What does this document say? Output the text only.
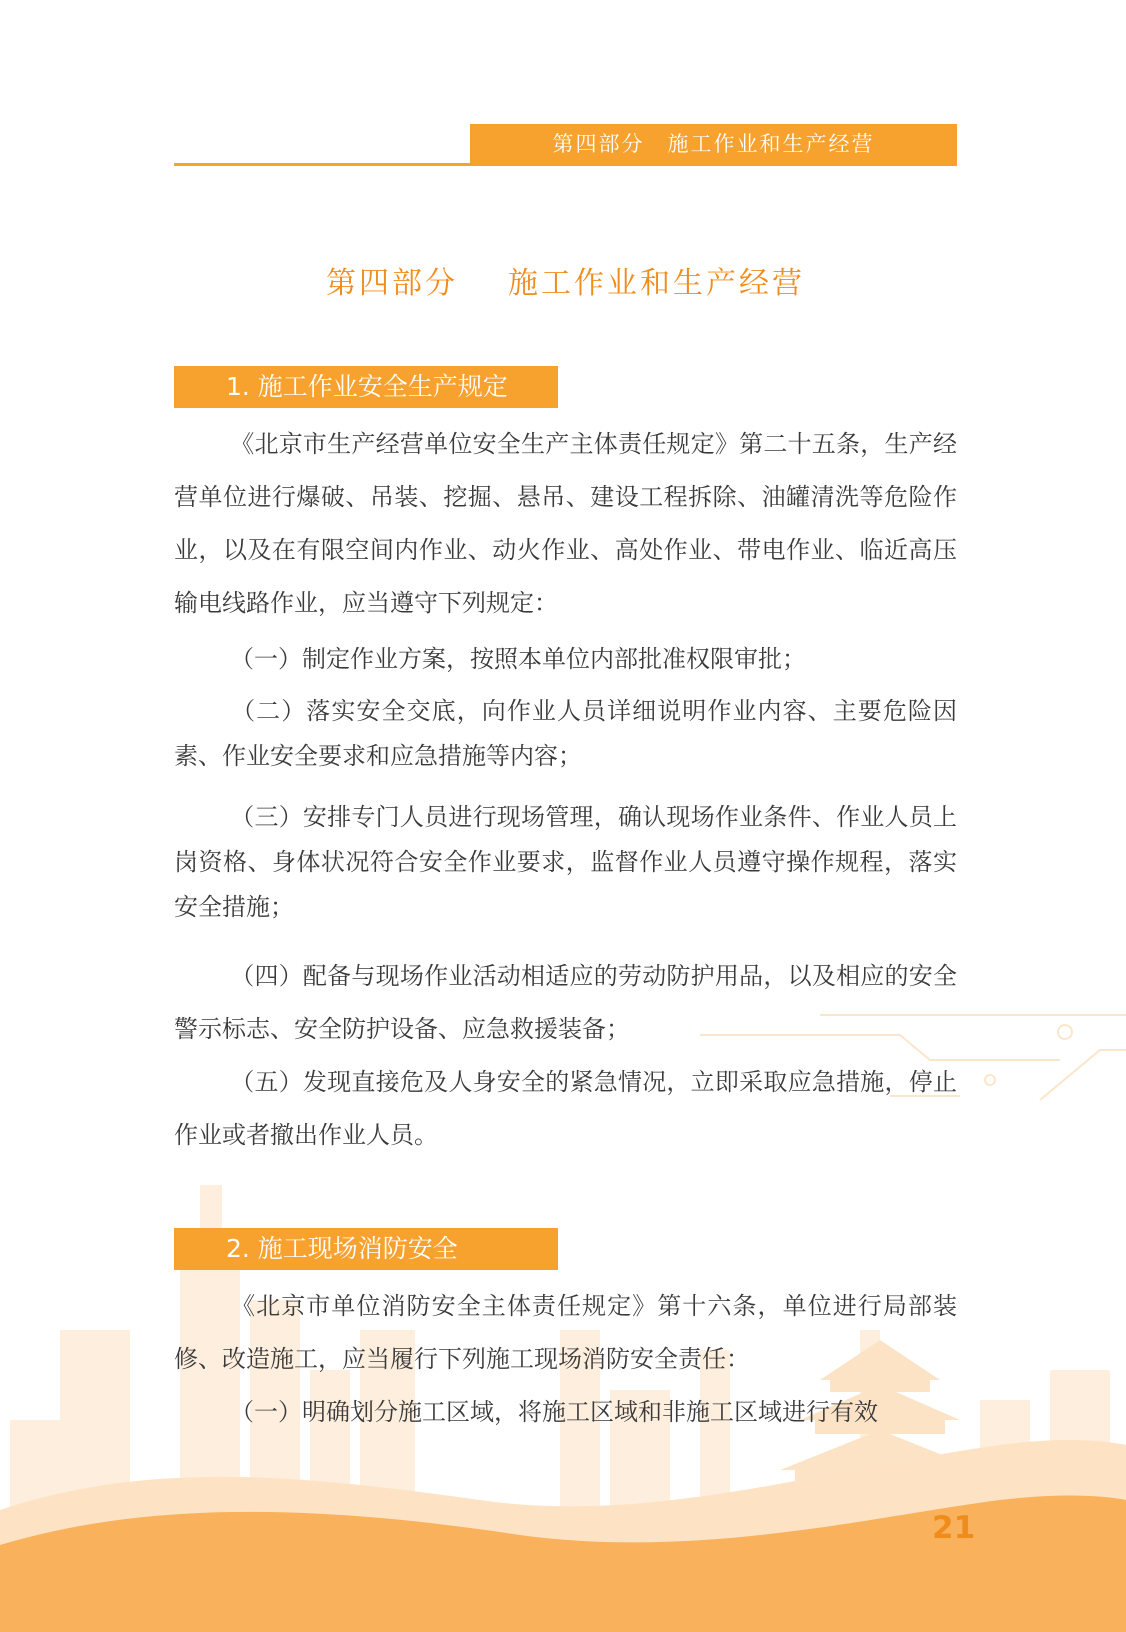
第四部分　施工作业和生产经营
第四部分 施工作业和生产经营
1. 施工作业安全生产规定

《北京市生产经营单位安全生产主体责任规定》第二十五条，生产经营单位进行爆破、吊装、挖掘、悬吊、建设工程拆除、油罐清洗等危险作业，以及在有限空间内作业、动火作业、高处作业、带电作业、临近高压输电线路作业，应当遵守下列规定：

（一）制定作业方案，按照本单位内部批准权限审批；

（二）落实安全交底，向作业人员详细说明作业内容、主要危险因素、作业安全要求和应急措施等内容；

（三）安排专门人员进行现场管理，确认现场作业条件、作业人员上岗资格、身体状况符合安全作业要求，监督作业人员遵守操作规程，落实安全措施；

（四）配备与现场作业活动相适应的劳动防护用品，以及相应的安全警示标志、安全防护设备、应急救援装备；

（五）发现直接危及人身安全的紧急情况，立即采取应急措施，停止作业或者撤出作业人员。

2. 施工现场消防安全

《北京市单位消防安全主体责任规定》第十六条，单位进行局部装修、改造施工，应当履行下列施工现场消防安全责任：

（一）明确划分施工区域，将施工区域和非施工区域进行有效

21
